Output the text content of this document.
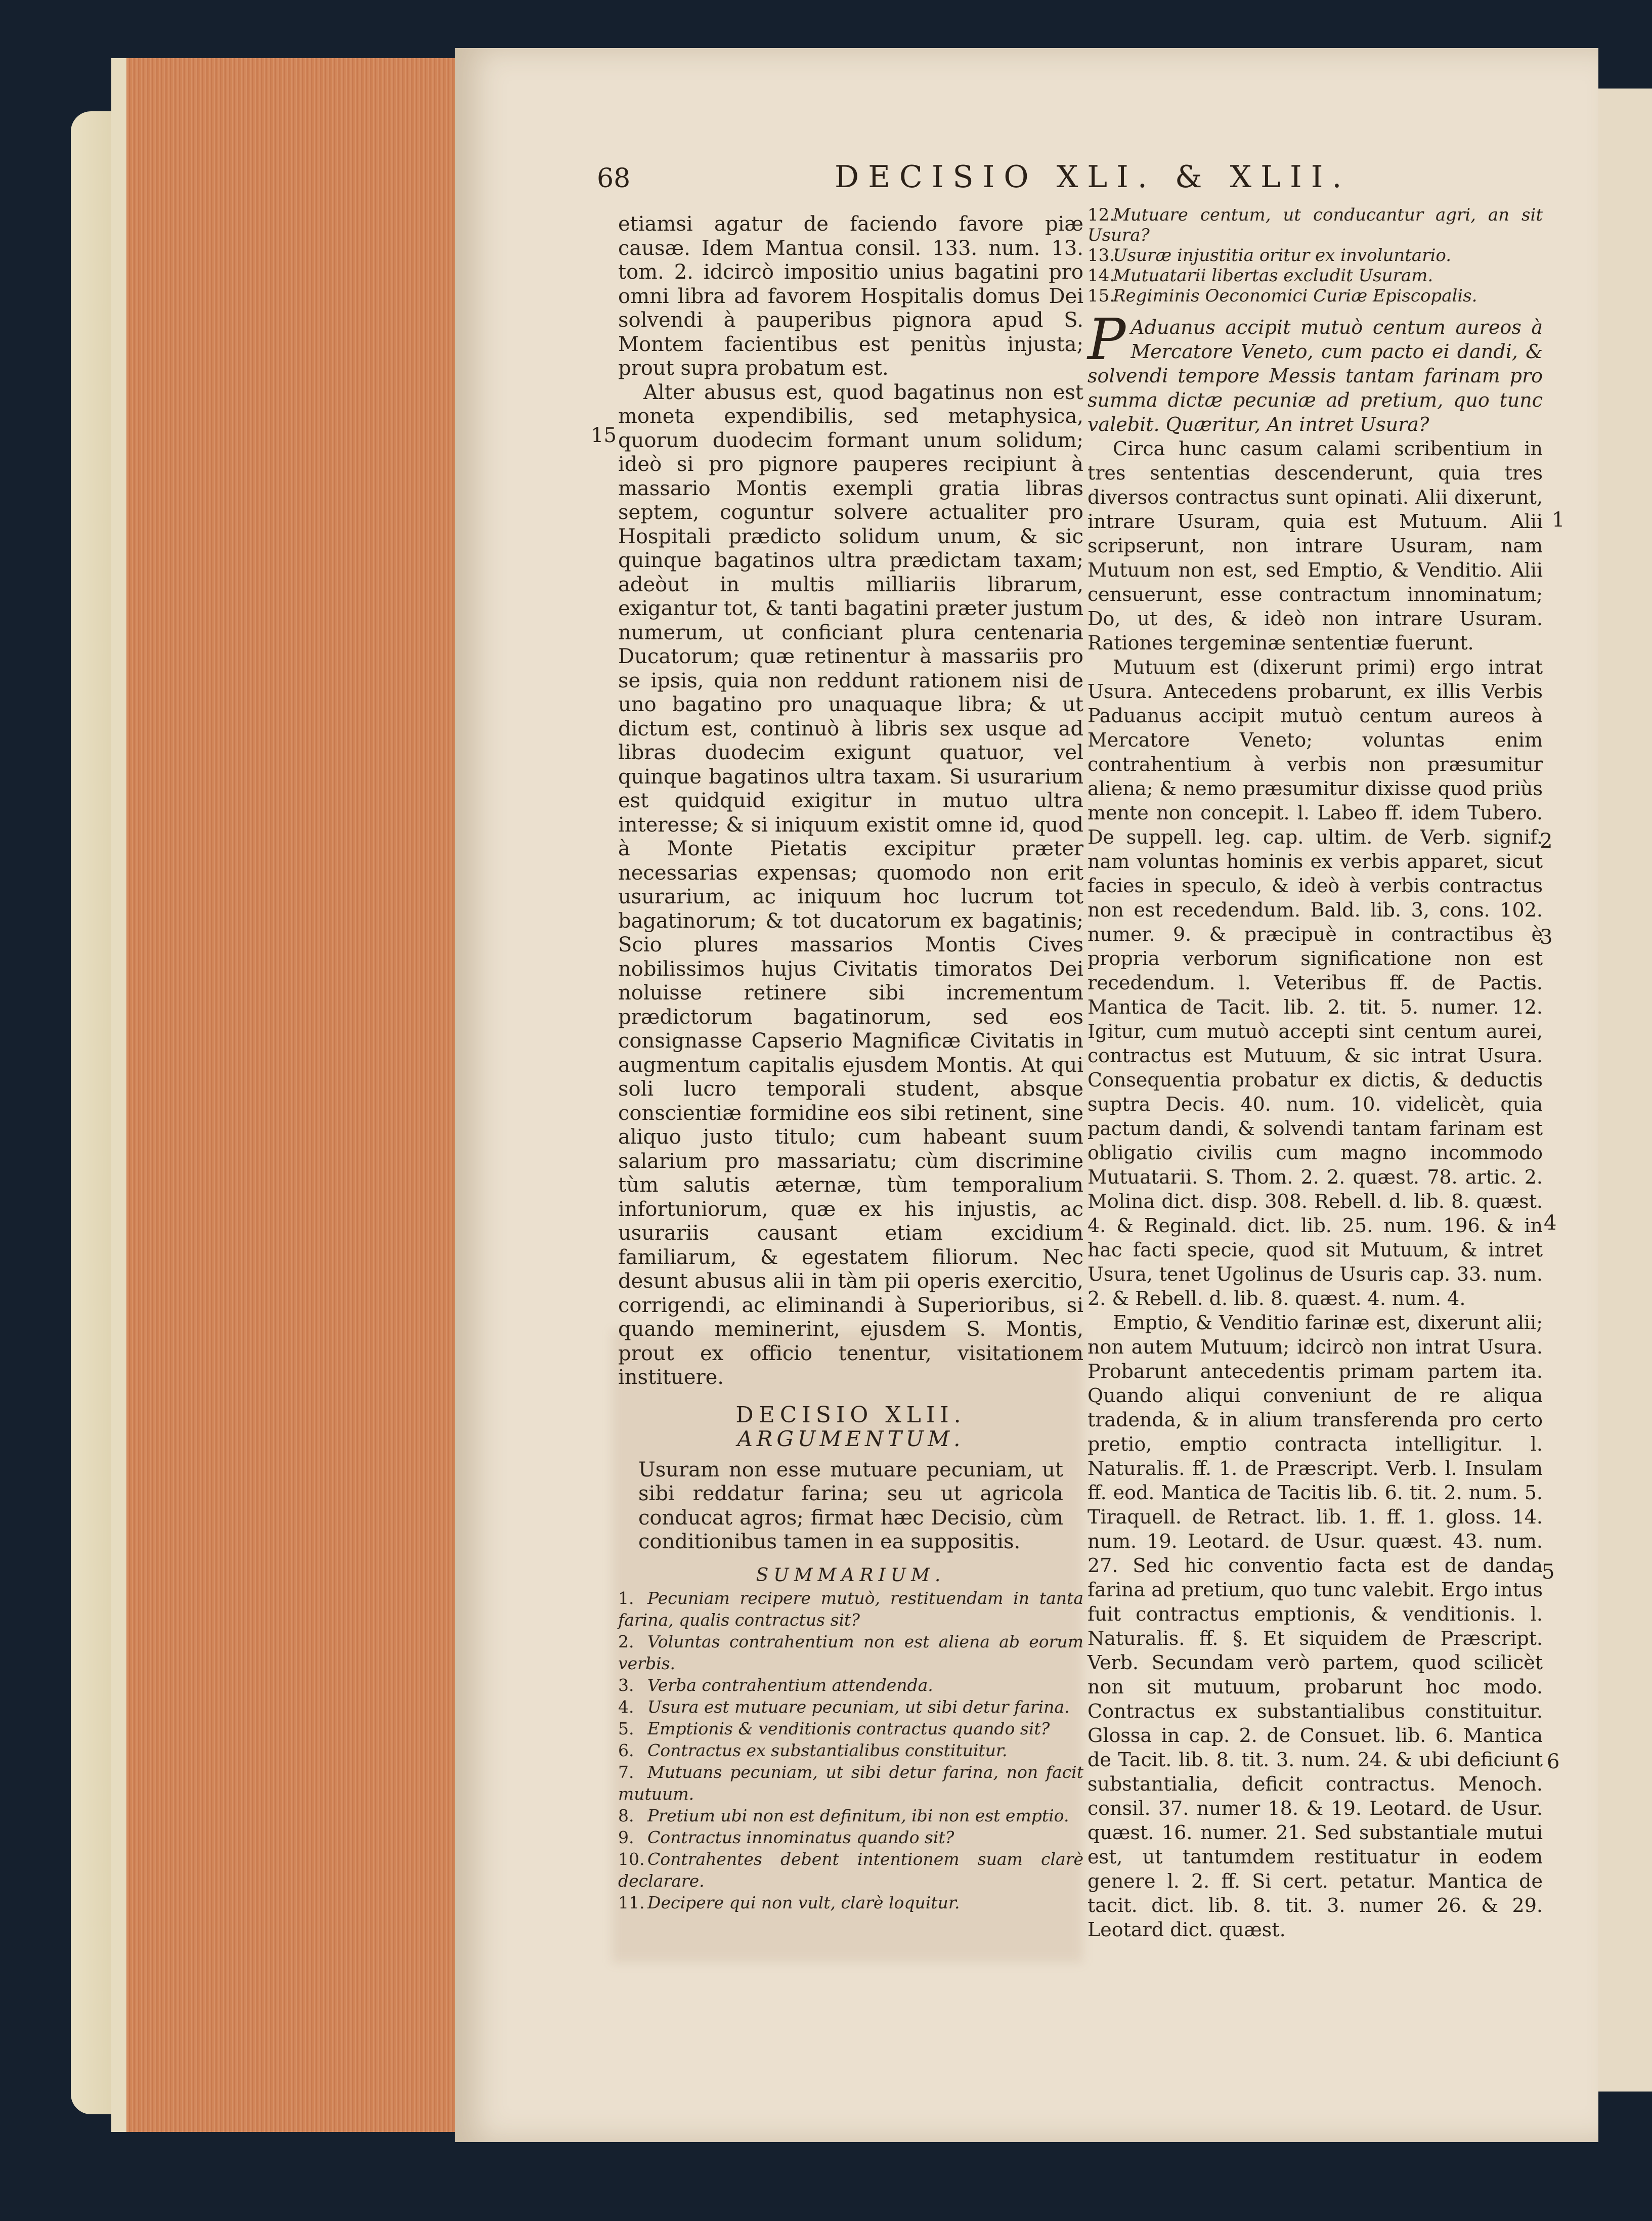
68	DECISIO XLI. & XLII.

etiamsi agatur de faciendo favore piæ causæ. Idem Mantua consil. 133. num. 13. tom. 2. idcircò impositio unius bagatini pro omni libra ad favorem Hospitalis domus Dei solvendi à pauperibus pignora apud S. Montem facientibus est penitùs injusta; prout supra probatum est.

Alter abusus est, quod bagatinus non est moneta expendibilis, sed metaphysica, quorum duodecim formant unum solidum; ideò si pro pignore pauperes recipiunt à massario Montis exempli gratia libras septem, coguntur solvere actualiter pro Hospitali prædicto solidum unum, & sic quinque bagatinos ultra prædictam taxam; adeòut in multis milliariis librarum, exigantur tot, & tanti bagatini præter justum numerum, ut conficiant plura centenaria Ducatorum; quæ retinentur à massariis pro se ipsis, quia non reddunt rationem nisi de uno bagatino pro unaquaque libra; & ut dictum est, continuò à libris sex usque ad libras duodecim exigunt quatuor, vel quinque bagatinos ultra taxam. Si usurarium est quidquid exigitur in mutuo ultra interesse; & si iniquum existit omne id, quod à Monte Pietatis excipitur præter necessarias expensas; quomodo non erit usurarium, ac iniquum hoc lucrum tot bagatinorum; & tot ducatorum ex bagatinis; Scio plures massarios Montis Cives nobilissimos hujus Civitatis timoratos Dei noluisse retinere sibi incrementum prædictorum bagatinorum, sed eos consignasse Capserio Magnificæ Civitatis in augmentum capitalis ejusdem Montis. At qui soli lucro temporali student, absque conscientiæ formidine eos sibi retinent, sine aliquo justo titulo; cum habeant suum salarium pro massariatu; cùm discrimine tùm salutis æternæ, tùm temporalium infortuniorum, quæ ex his injustis, ac usurariis causant etiam excidium familiarum, & egestatem filiorum. Nec desunt abusus alii in tàm pii operis exercitio, corrigendi, ac eliminandi à Superioribus, si quando meminerint, ejusdem S. Montis, prout ex officio tenentur, visitationem instituere.

DECISIO XLII.

ARGUMENTUM.

Usuram non esse mutuare pecuniam, ut sibi reddatur farina; seu ut agricola conducat agros; firmat hæc Decisio, cùm conditionibus tamen in ea suppositis.

SUMMARIUM.

1. Pecuniam recipere mutuò, restituendam in tanta farina, qualis contractus sit?

2. Voluntas contrahentium non est aliena ab eorum verbis.

3. Verba contrahentium attendenda.

4. Usura est mutuare pecuniam, ut sibi detur farina.

5. Emptionis & venditionis contractus quando sit?

6. Contractus ex substantialibus constituitur.

7. Mutuans pecuniam, ut sibi detur farina, non facit mutuum.

8. Pretium ubi non est definitum, ibi non est emptio.

9. Contractus innominatus quando sit?

10. Contrahentes debent intentionem suam clarè declarare.

11. Decipere qui non vult, clarè loquitur.

15

12.Mutuare centum, ut conducantur agri, an sit Usura?

13.Usuræ injustitia oritur ex involuntario.

14.Mutuatarii libertas excludit Usuram.

15.Regiminis Oeconomici Curiæ Episcopalis.

P Aduanus accipit mutuò centum aureos à Mercatore Veneto, cum pacto ei dandi, & solvendi tempore Messis tantam farinam pro summa dictæ pecuniæ ad pretium, quo tunc valebit. Quæritur, An intret Usura?

Circa hunc casum calami scribentium in tres sententias descenderunt, quia tres diversos contractus sunt opinati. Alii dixerunt, intrare Usuram, quia est Mutuum. Alii scripserunt, non intrare Usuram, nam Mutuum non est, sed Emptio, & Venditio. Alii censuerunt, esse contractum innominatum; Do, ut des, & ideò non intrare Usuram. Rationes tergeminæ sententiæ fuerunt.

Mutuum est (dixerunt primi) ergo intrat Usura. Antecedens probarunt, ex illis Verbis Paduanus accipit mutuò centum aureos à Mercatore Veneto; voluntas enim contrahentium à verbis non præsumitur aliena; & nemo præsumitur dixisse quod priùs mente non concepit. l. Labeo ff. idem Tubero. De suppell. leg. cap. ultim. de Verb. signif. nam voluntas hominis ex verbis apparet, sicut facies in speculo, & ideò à verbis contractus non est recedendum. Bald. lib. 3, cons. 102. numer. 9. & præcipuè in contractibus è propria verborum significatione non est recedendum. l. Veteribus ff. de Pactis. Mantica de Tacit. lib. 2. tit. 5. numer. 12. Igitur, cum mutuò accepti sint centum aurei, contractus est Mutuum, & sic intrat Usura. Consequentia probatur ex dictis, & deductis suptra Decis. 40. num. 10. videlicèt, quia pactum dandi, & solvendi tantam farinam est obligatio civilis cum magno incommodo Mutuatarii. S. Thom. 2. 2. quæst. 78. artic. 2. Molina dict. disp. 308. Rebell. d. lib. 8. quæst. 4. & Reginald. dict. lib. 25. num. 196. & in hac facti specie, quod sit Mutuum, & intret Usura, tenet Ugolinus de Usuris cap. 33. num. 2. & Rebell. d. lib. 8. quæst. 4. num. 4.

Emptio, & Venditio farinæ est, dixerunt alii; non autem Mutuum; idcircò non intrat Usura. Probarunt antecedentis primam partem ita. Quando aliqui conveniunt de re aliqua tradenda, & in alium transferenda pro certo pretio, emptio contracta intelligitur. l. Naturalis. ff. 1. de Præscript. Verb. l. Insulam ff. eod. Mantica de Tacitis lib. 6. tit. 2. num. 5. Tiraquell. de Retract. lib. 1. ff. 1. gloss. 14. num. 19. Leotard. de Usur. quæst. 43. num. 27. Sed hic conventio facta est de danda farina ad pretium, quo tunc valebit. Ergo intus fuit contractus emptionis, & venditionis. l. Naturalis. ff. §. Et siquidem de Præscript. Verb. Secundam verò partem, quod scilicèt non sit mutuum, probarunt hoc modo. Contractus ex substantialibus constituitur. Glossa in cap. 2. de Consuet. lib. 6. Mantica de Tacit. lib. 8. tit. 3. num. 24. & ubi deficiunt substantialia, deficit contractus. Menoch. consil. 37. numer 18. & 19. Leotard. de Usur. quæst. 16. numer. 21. Sed substantiale mutui est, ut tantumdem restituatur in eodem genere l. 2. ff. Si cert. petatur. Mantica de tacit. dict. lib. 8. tit. 3. numer 26. & 29. Leotard dict. quæst.

1
2
3
4
5
6
